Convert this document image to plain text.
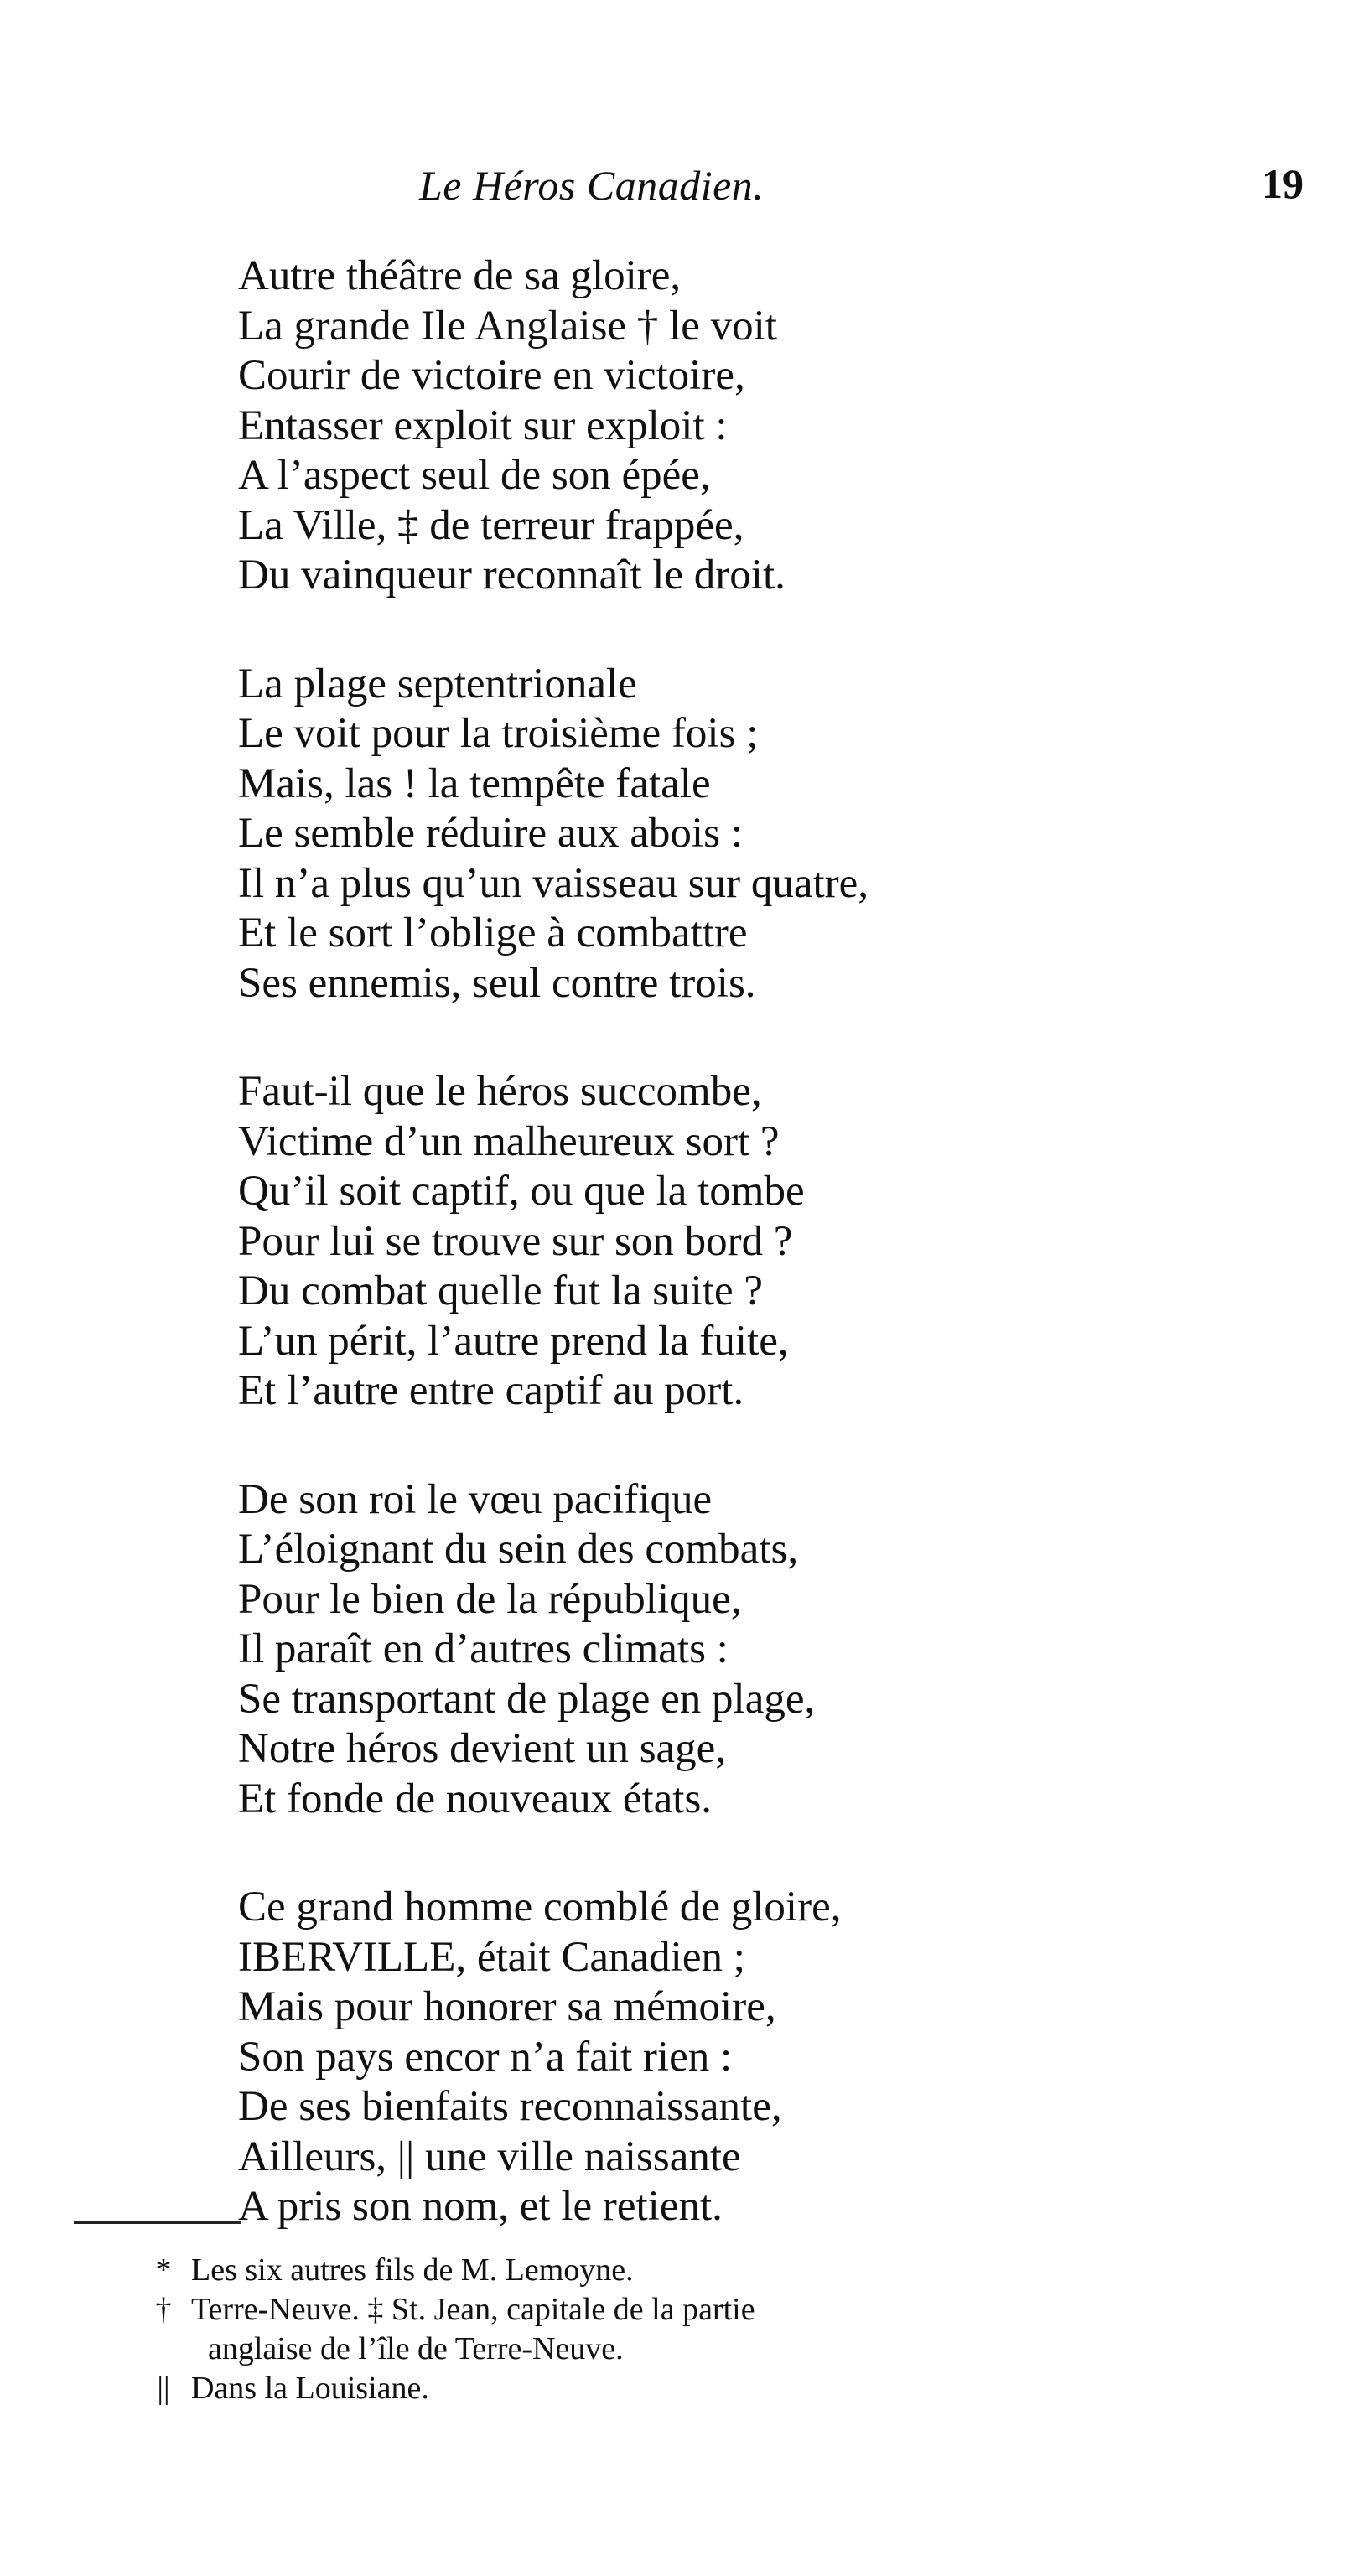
Le Héros Canadien.	19
Autre théâtre de sa gloire,
La grande Ile Anglaise † le voit
Courir de victoire en victoire,
Entasser exploit sur exploit :
A l’aspect seul de son épée,
La Ville, ‡ de terreur frappée,
Du vainqueur reconnaît le droit.
La plage septentrionale
Le voit pour la troisième fois ;
Mais, las ! la tempête fatale
Le semble réduire aux abois :
Il n’a plus qu’un vaisseau sur quatre,
Et le sort l’oblige à combattre
Ses ennemis, seul contre trois.
Faut-il que le héros succombe,
Victime d’un malheureux sort ?
Qu’il soit captif, ou que la tombe
Pour lui se trouve sur son bord ?
Du combat quelle fut la suite ?
L’un périt, l’autre prend la fuite,
Et l’autre entre captif au port.
De son roi le vœu pacifique
L’éloignant du sein des combats,
Pour le bien de la république,
Il paraît en d’autres climats :
Se transportant de plage en plage,
Notre héros devient un sage,
Et fonde de nouveaux états.
Ce grand homme comblé de gloire,
IBERVILLE, était Canadien ;
Mais pour honorer sa mémoire,
Son pays encor n’a fait rien :
De ses bienfaits reconnaissante,
Ailleurs, || une ville naissante
A pris son nom, et le retient.
* Les six autres fils de M. Lemoyne.
† Terre-Neuve. ‡ St. Jean, capitale de la partie
anglaise de l’île de Terre-Neuve.
|| Dans la Louisiane.
